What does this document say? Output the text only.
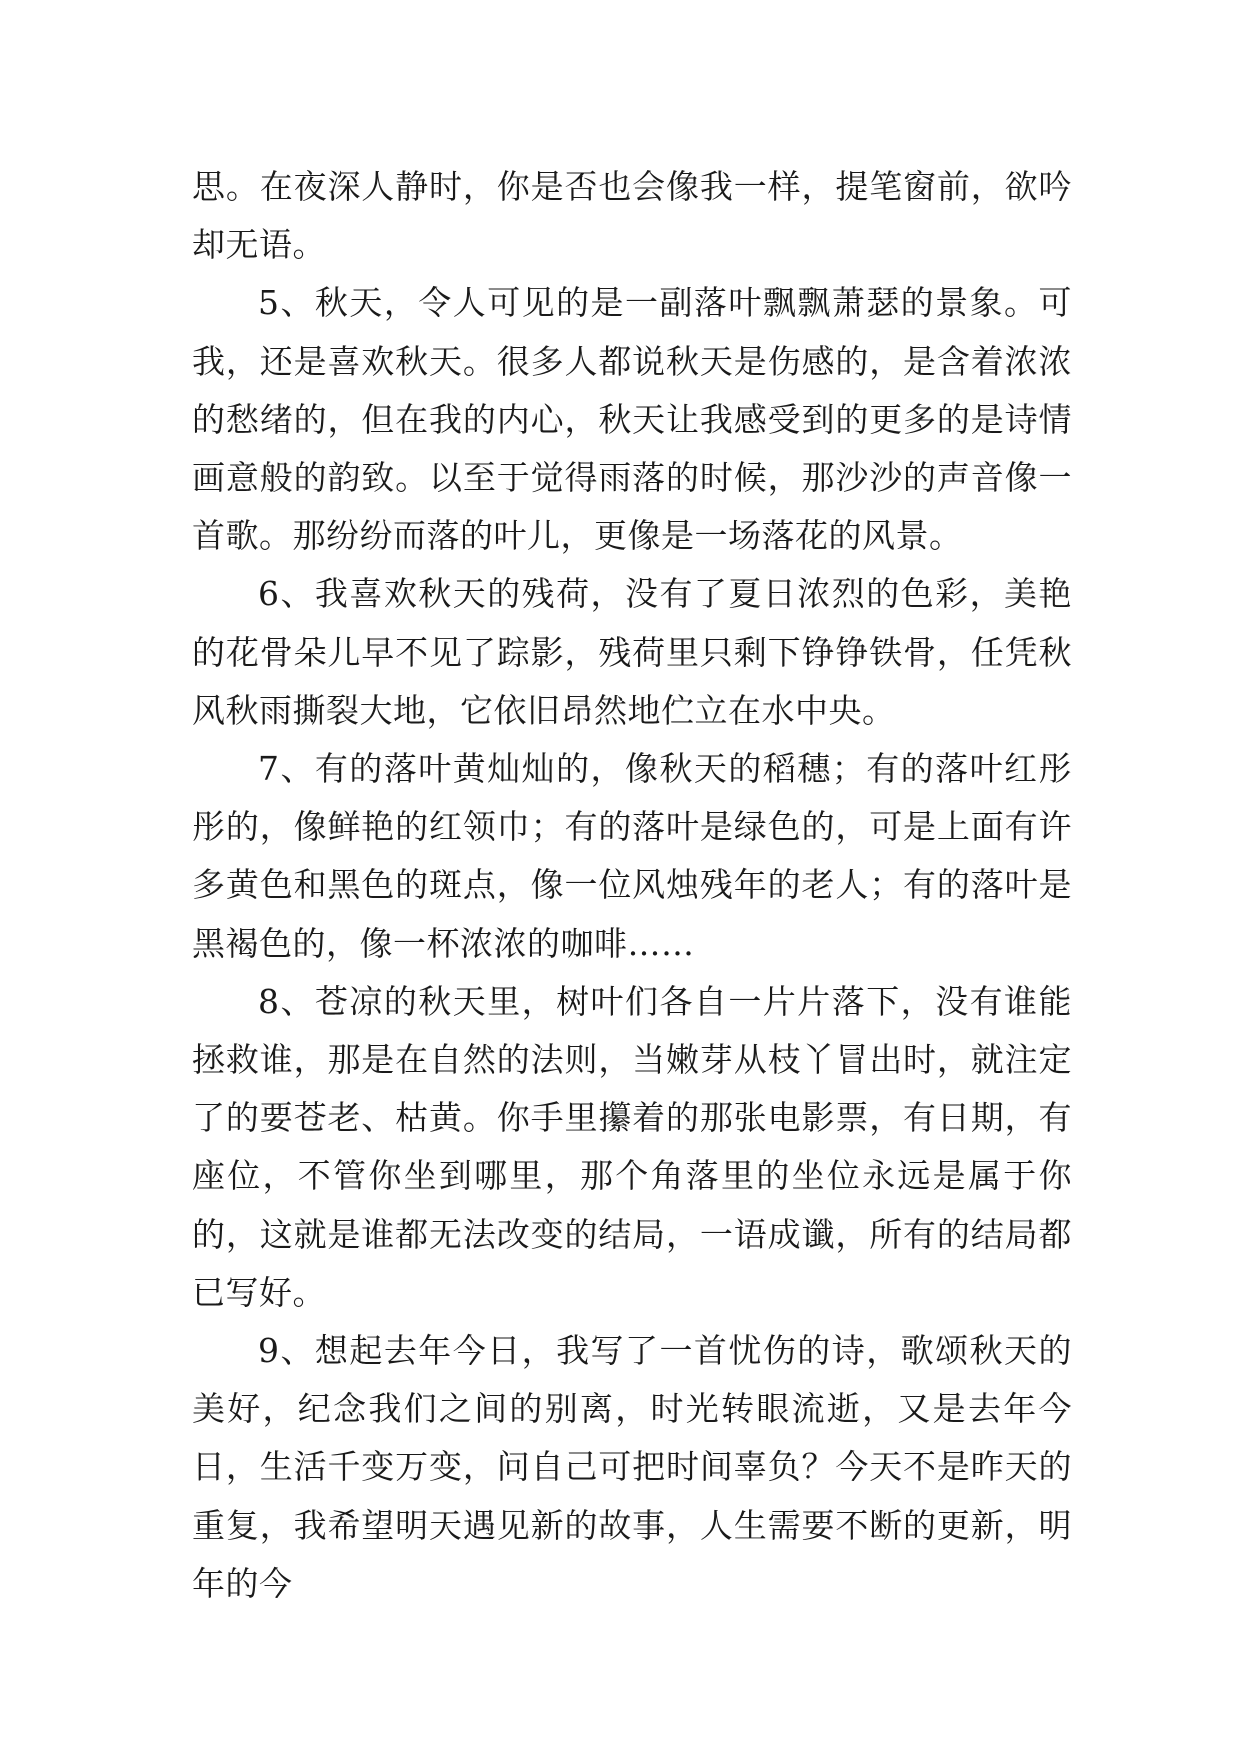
思。在夜深人静时，你是否也会像我一样，提笔窗前，欲吟却无语。

5、秋天，令人可见的是一副落叶飘飘萧瑟的景象。可我，还是喜欢秋天。很多人都说秋天是伤感的，是含着浓浓的愁绪的，但在我的内心，秋天让我感受到的更多的是诗情画意般的韵致。以至于觉得雨落的时候，那沙沙的声音像一首歌。那纷纷而落的叶儿，更像是一场落花的风景。

6、我喜欢秋天的残荷，没有了夏日浓烈的色彩，美艳的花骨朵儿早不见了踪影，残荷里只剩下铮铮铁骨，任凭秋风秋雨撕裂大地，它依旧昂然地伫立在水中央。

7、有的落叶黄灿灿的，像秋天的稻穗；有的落叶红彤彤的，像鲜艳的红领巾；有的落叶是绿色的，可是上面有许多黄色和黑色的斑点，像一位风烛残年的老人；有的落叶是黑褐色的，像一杯浓浓的咖啡……

8、苍凉的秋天里，树叶们各自一片片落下，没有谁能拯救谁，那是在自然的法则，当嫩芽从枝丫冒出时，就注定了的要苍老、枯黄。你手里攥着的那张电影票，有日期，有座位，不管你坐到哪里，那个角落里的坐位永远是属于你的，这就是谁都无法改变的结局，一语成谶，所有的结局都已写好。

9、想起去年今日，我写了一首忧伤的诗，歌颂秋天的美好，纪念我们之间的别离，时光转眼流逝，又是去年今日，生活千变万变，问自己可把时间辜负？今天不是昨天的重复，我希望明天遇见新的故事，人生需要不断的更新，明年的今
